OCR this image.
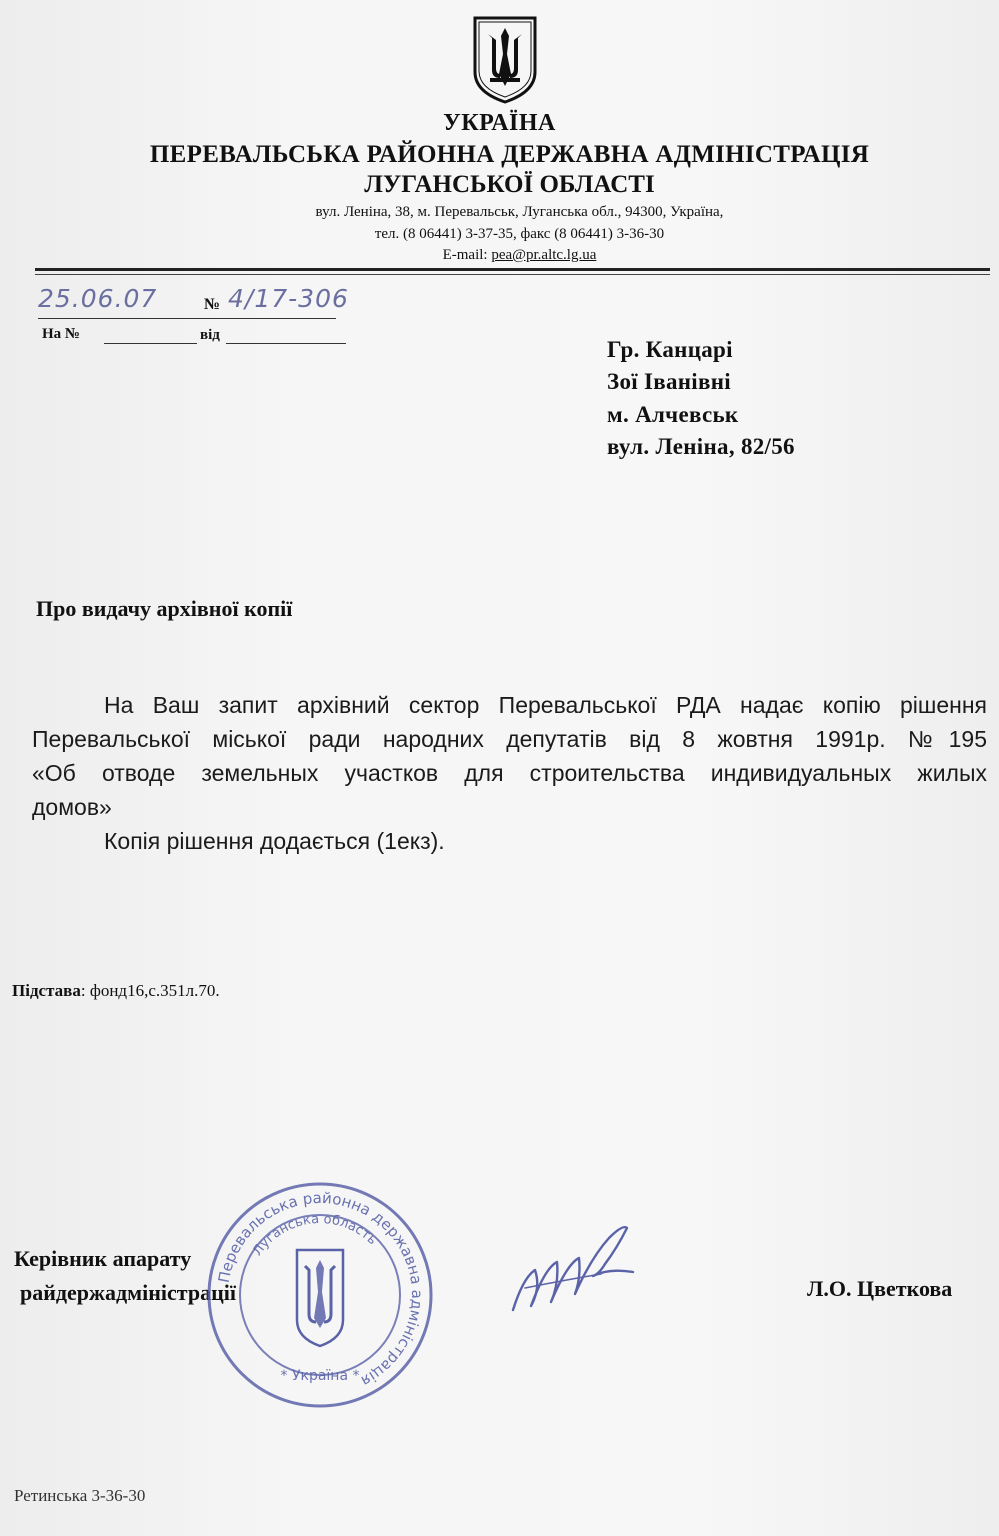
УКРАЇНА
ПЕРЕВАЛЬСЬКА РАЙОННА ДЕРЖАВНА АДМІНІСТРАЦІЯ
ЛУГАНСЬКОЇ ОБЛАСТІ
вул. Леніна, 38, м. Перевальськ, Луганська обл., 94300, Україна,
тел. (8 06441) 3-37-35, факс (8 06441) 3-36-30
E-mail: pea@pr.altc.lg.ua
25.06.07	№ 4/17-306
На №	від
Гр. Канцарі
Зої Іванівні
м. Алчевськ
вул. Леніна, 82/56
Про видачу архівної копії

На Ваш запит архівний сектор Перевальської РДА надає копію рішення

Перевальської міської ради народних депутатів від 8 жовтня 1991р. №195

«Об отводе земельных участков для строительства индивидуальных жилых

домов»

Копія рішення додається (1екз).

Підстава: фонд16,с.351л.70.
Керівник апарату
райдержадміністрації	Л.О. Цветкова
Перевальська районна державна адміністрація
Луганська область
* Україна *
Ретинська 3-36-30
